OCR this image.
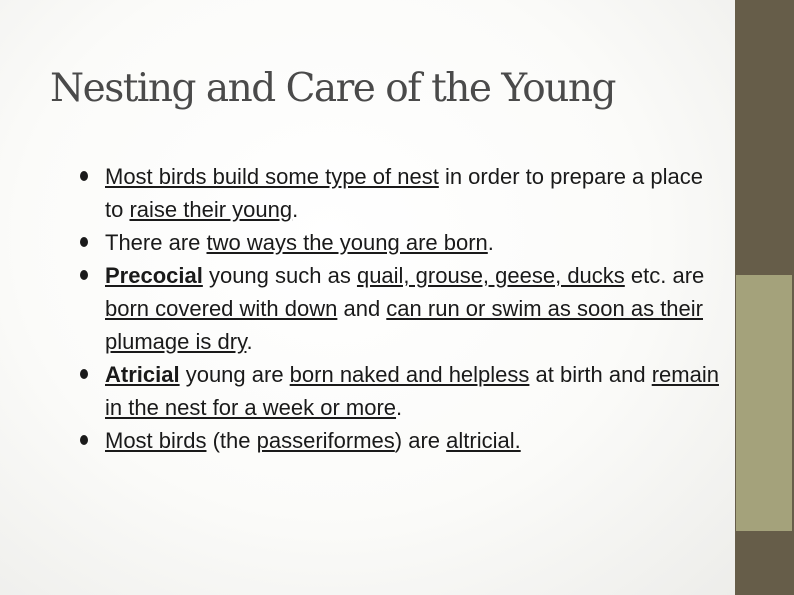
Nesting and Care of the Young
Most birds build some type of nest in order to prepare a place to raise their young.
There are two ways the young are born.
Precocial young such as quail, grouse, geese, ducks etc. are born covered with down and can run or swim as soon as their plumage is dry.
Atricial young are born naked and helpless at birth and remain in the nest for a week or more.
Most birds (the passeriformes) are altricial.
